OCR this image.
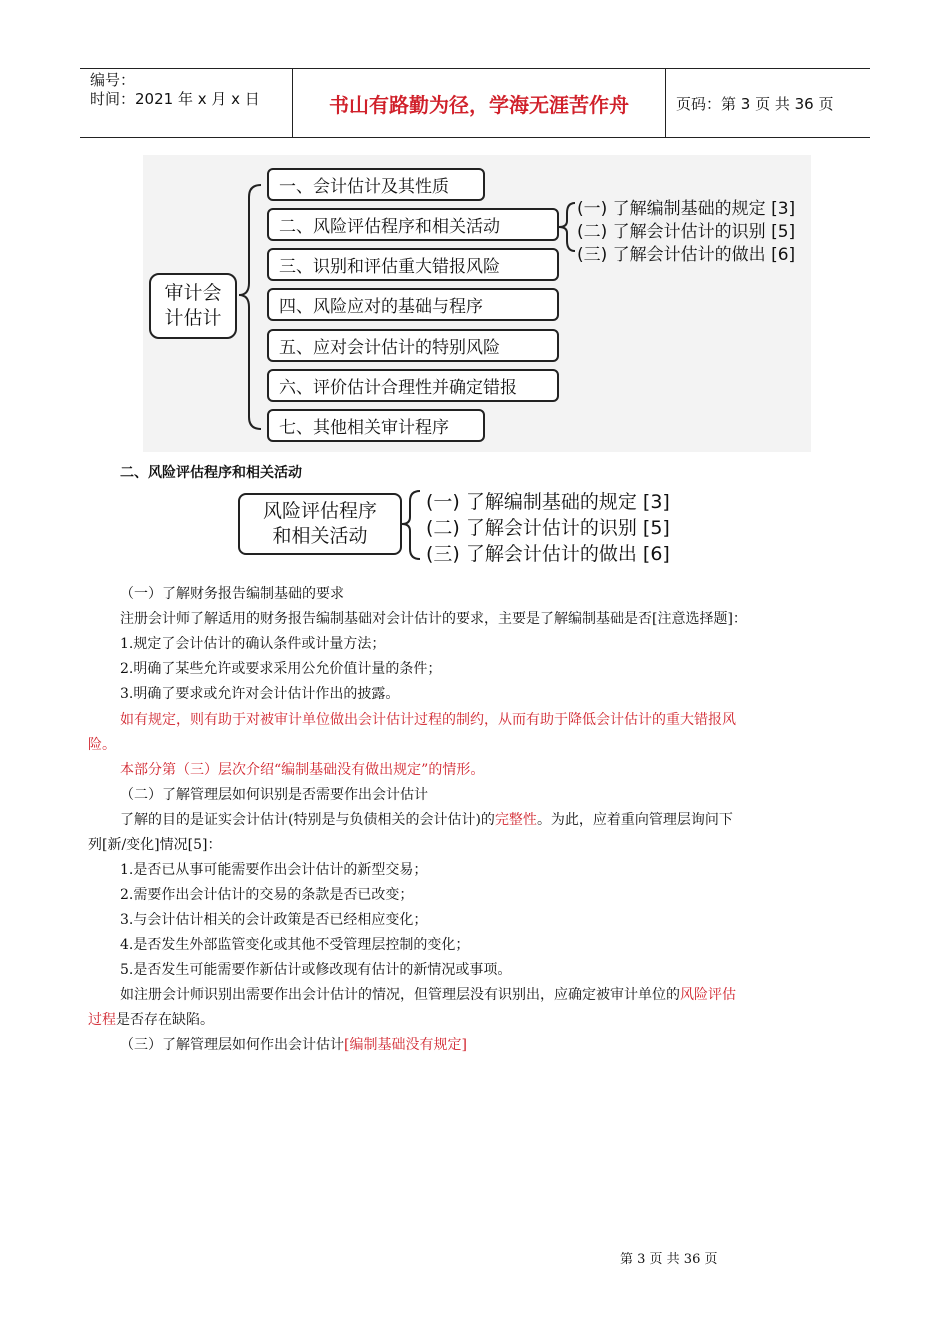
编号：
时间：2021 年 x 月 x 日	书山有路勤为径，学海无涯苦作舟	页码：第 3 页 共 36 页
审计会
计估计
一、会计估计及其性质
二、风险评估程序和相关活动
三、识别和评估重大错报风险
四、风险应对的基础与程序
五、应对会计估计的特别风险
六、评价估计合理性并确定错报
七、其他相关审计程序
(一) 了解编制基础的规定 [3]
(二) 了解会计估计的识别 [5]
(三) 了解会计估计的做出 [6]
二、风险评估程序和相关活动
风险评估程序
和相关活动
(一) 了解编制基础的规定 [3]
(二) 了解会计估计的识别 [5]
(三) 了解会计估计的做出 [6]
（一）了解财务报告编制基础的要求
注册会计师了解适用的财务报告编制基础对会计估计的要求，主要是了解编制基础是否[注意选择题]：
1.规定了会计估计的确认条件或计量方法；
2.明确了某些允许或要求采用公允价值计量的条件；
3.明确了要求或允许对会计估计作出的披露。
如有规定，则有助于对被审计单位做出会计估计过程的制约，从而有助于降低会计估计的重大错报风
险。
本部分第（三）层次介绍“编制基础没有做出规定”的情形。
（二）了解管理层如何识别是否需要作出会计估计
了解的目的是证实会计估计(特别是与负债相关的会计估计)的完整性。为此，应着重向管理层询问下
列[新/变化]情况[5]：
1.是否已从事可能需要作出会计估计的新型交易；
2.需要作出会计估计的交易的条款是否已改变；
3.与会计估计相关的会计政策是否已经相应变化；
4.是否发生外部监管变化或其他不受管理层控制的变化；
5.是否发生可能需要作新估计或修改现有估计的新情况或事项。
如注册会计师识别出需要作出会计估计的情况，但管理层没有识别出，应确定被审计单位的风险评估
过程是否存在缺陷。
（三）了解管理层如何作出会计估计[编制基础没有规定]
第 3 页 共 36 页
